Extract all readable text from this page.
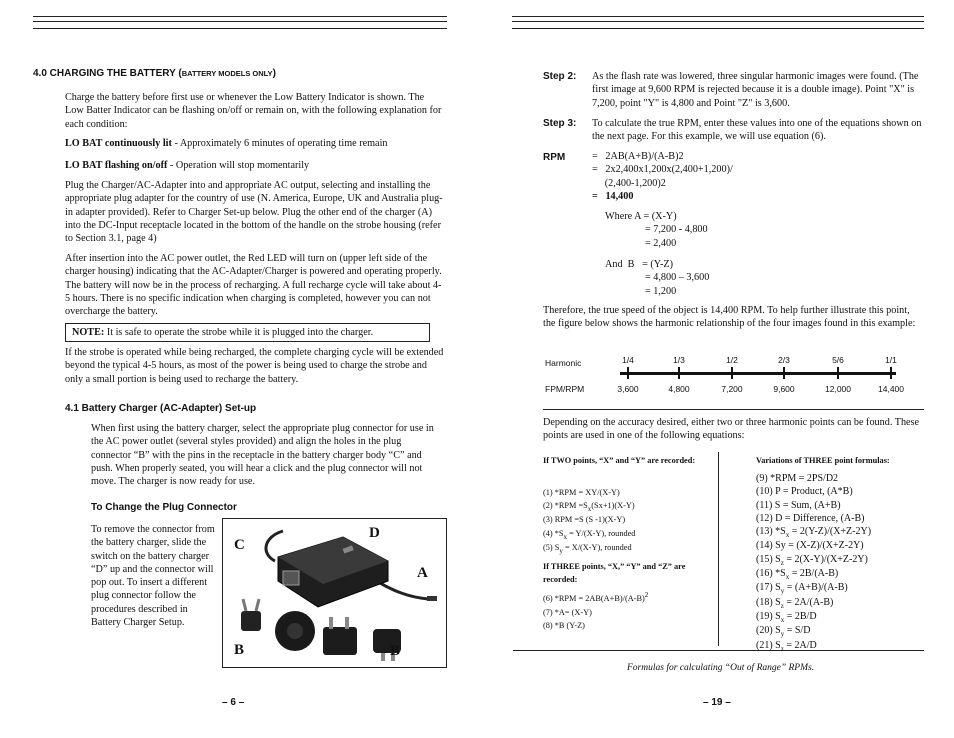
4.0 CHARGING THE BATTERY (BATTERY MODELS ONLY)
Charge the battery before first use or whenever the Low Battery Indicator is shown. The Low Batter Indicator can be flashing on/off or remain on, with the following explanation for each condition:
LO BAT continuously lit - Approximately 6 minutes of operating time remain
LO BAT flashing on/off - Operation will stop momentarily
Plug the Charger/AC-Adapter into and appropriate AC output, selecting and installing the appropriate plug adapter for the country of use (N. America, Europe, UK and Australia plug-in adapter provided). Refer to Charger Set-up below. Plug the other end of the charger (A) into the DC-Input receptacle located in the bottom of the handle on the strobe housing (refer to Section 3.1, page 4)
After insertion into the AC power outlet, the Red LED will turn on (upper left side of the charger housing) indicating that the AC-Adapter/Charger is powered and operating properly. The battery will now be in the process of recharging. A full recharge cycle will take about 4-5 hours. There is no specific indication when charging is completed, however you can not overcharge the battery.
NOTE: It is safe to operate the strobe while it is plugged into the charger.
If the strobe is operated while being recharged, the complete charging cycle will be extended beyond the typical 4-5 hours, as most of the power is being used to charge the strobe and only a small portion is being used to recharge the battery.
4.1 Battery Charger (AC-Adapter) Set-up
When first using the battery charger, select the appropriate plug connector for use in the AC power outlet (several styles provided) and align the holes in the plug connector “B” with the pins in the receptacle in the battery charger body “C” and push. When properly seated, you will hear a click and the plug connector will not move. The charger is now ready for use.
To Change the Plug Connector
To remove the connector from the battery charger, slide the switch on the battery charger “D” up and the connector will pop out. To insert a different plug connector follow the procedures described in Battery Charger Setup.
C
D
A
B	B
– 6 –
Step 2: As the flash rate was lowered, three singular harmonic images were found. (The first image at 9,600 RPM is rejected because it is a double image). Point "X" is 7,200, point "Y" is 4,800 and Point "Z" is 3,600.
Step 3: To calculate the true RPM, enter these values into one of the equations shown on the next page. For this example, we will use equation (6).
RPM	=   2AB(A+B)/(A-B)2
=   2x2,400x1,200x(2,400+1,200)/
(2,400-1,200)2
=   14,400
Where A = (X-Y)
= 7,200 - 4,800
= 2,400
And  B   = (Y-Z)
= 4,800 – 3,600
= 1,200
Therefore, the true speed of the object is 14,400 RPM. To help further illustrate this point, the figure below shows the harmonic relationship of the four images found in this example:
Harmonic
FPM/RPM
1/4
3,600
1/3
4,800
1/2
7,200
2/3
9,600
5/6
12,000
1/1
14,400
Depending on the accuracy desired, either two or three harmonic points can be found. These points are used in one of the following equations:
If TWO points, “X” and “Y” are recorded:
(1) *RPM = XY/(X-Y)
(2) $*RPM =S_x(Sx+1)(X-Y)$
(3) RPM =S (S -1)(X-Y)
(4) $*S_x = Y/(X-Y)$, rounded
(5) $S_y = X/(X-Y)$, rounded
If THREE points, “X,” “Y” and “Z” are recorded:
(6) $*RPM = 2AB(A+B)/(A-B)^2$
(7) *A= (X-Y)
(8) *B (Y-Z)
Variations of THREE point formulas:
(9) *RPM = 2PS/D2
(10) P = Product, (A*B)
(11) S = Sum, (A+B)
(12) D = Difference, (A-B)
(13) $*S_x = 2(Y-Z)/(X+Z-2Y)$
(14) Sy = (X-Z)/(X+Z-2Y)
(15) $S_z = 2(X-Y)/(X+Z-2Y)$
(16) $*S_x = 2B/(A-B)$
(17) $S_y = (A+B)/(A-B)$
(18) $S_z = 2A/(A-B)$
(19) $S_x = 2B/D$
(20) $S_y = S/D$
(21) $S_z = 2A/D$
Formulas for calculating “Out of Range” RPMs.
– 19 –
